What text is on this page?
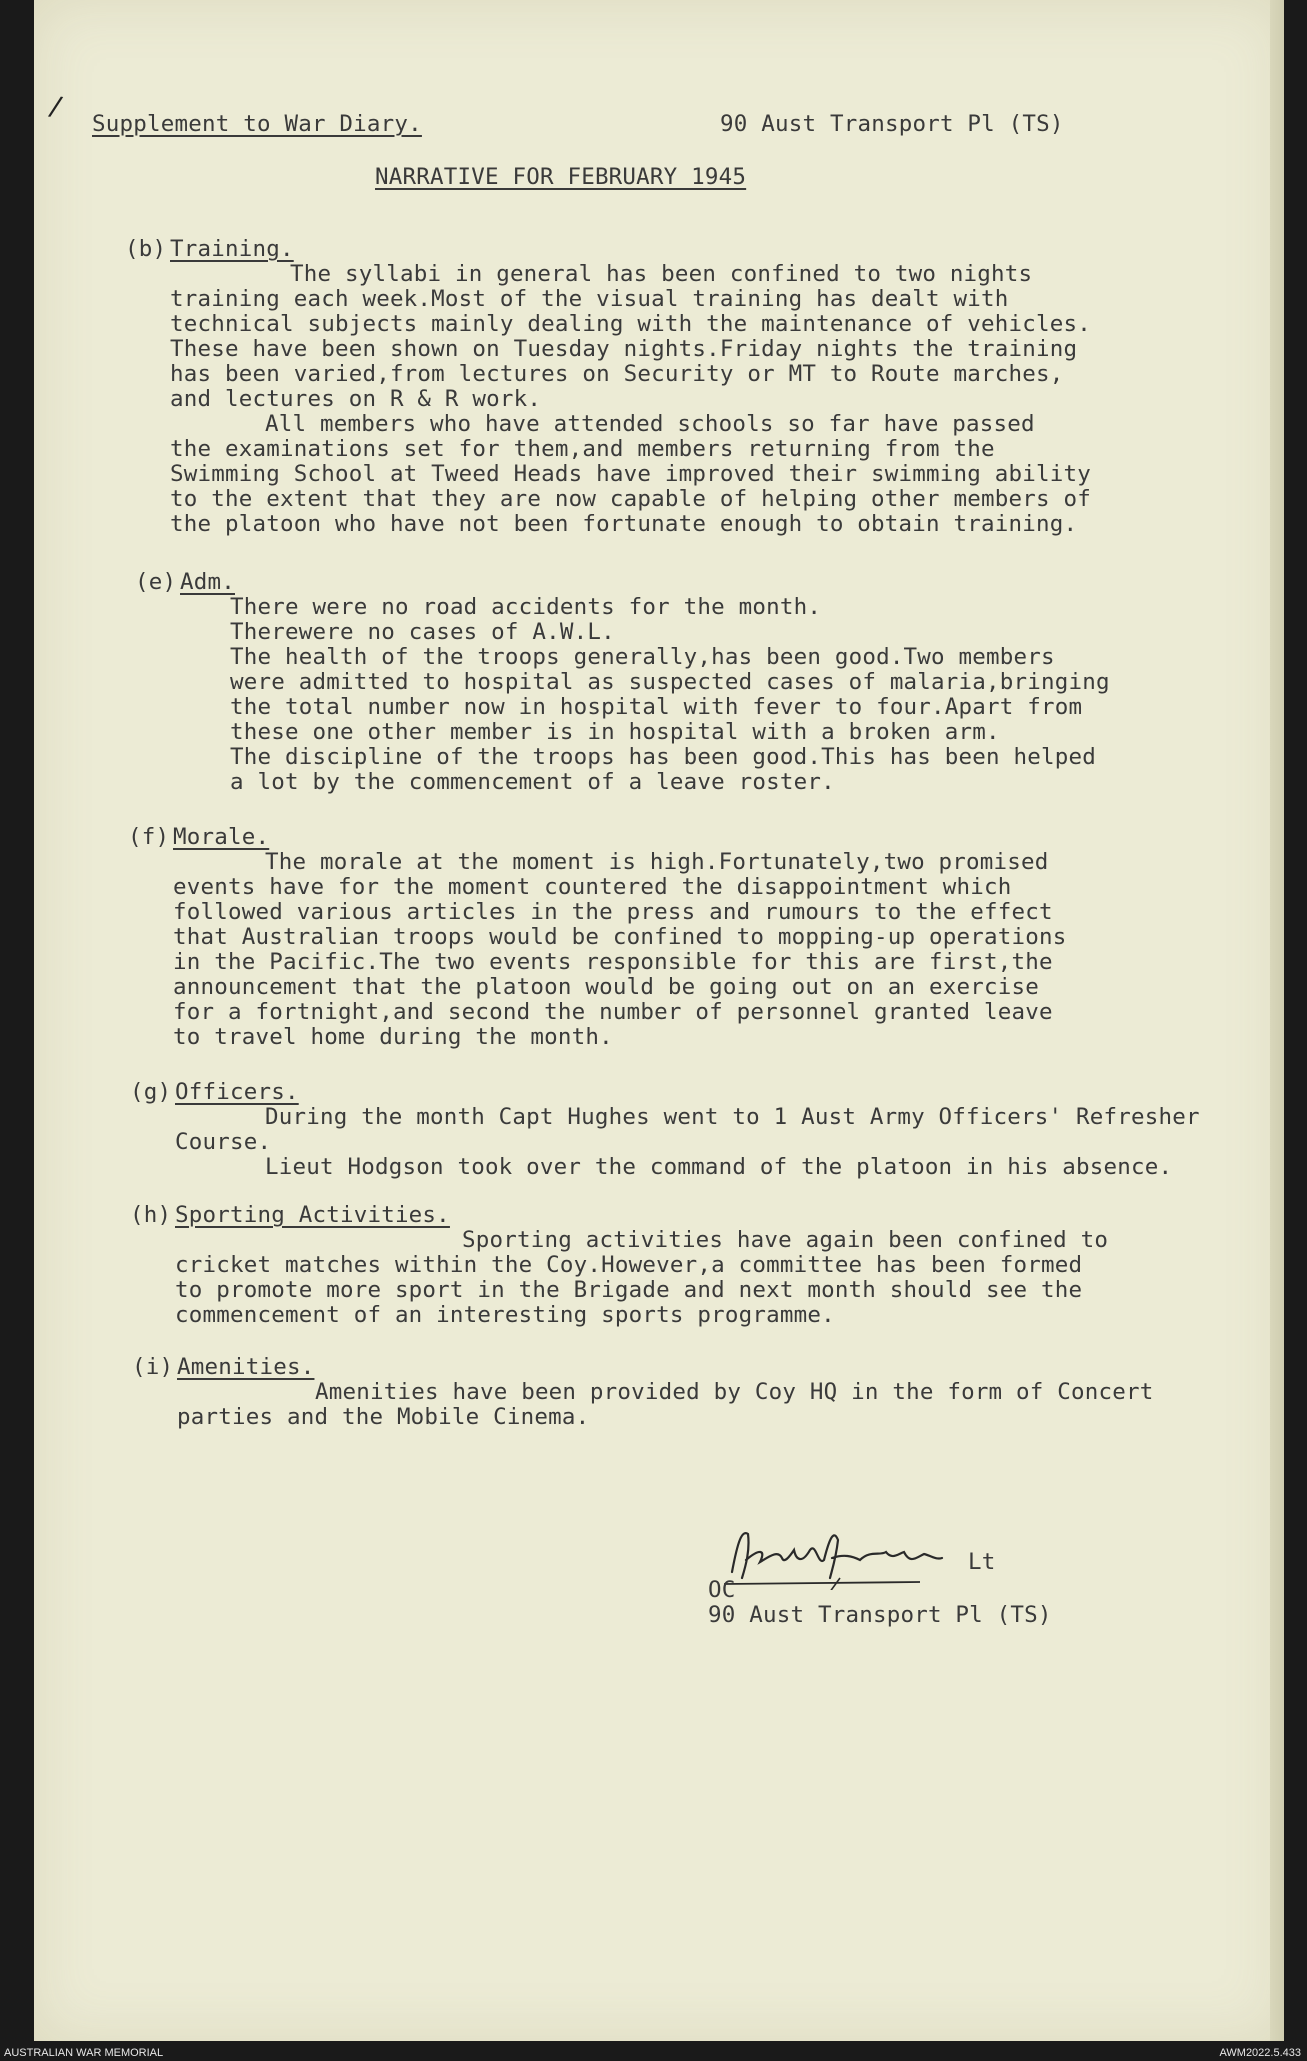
/
Supplement to War Diary.	90 Aust Transport Pl (TS)
NARRATIVE FOR FEBRUARY 1945
(b) Training.
The syllabi in general has been confined to two nights
training each week.Most of the visual training has dealt with
technical subjects mainly dealing with the maintenance of vehicles.
These have been shown on Tuesday nights.Friday nights the training
has been varied,from lectures on Security or MT to Route marches,
and lectures on R & R work.
All members who have attended schools so far have passed
the examinations set for them,and members returning from the
Swimming School at Tweed Heads have improved their swimming ability
to the extent that they are now capable of helping other members of
the platoon who have not been fortunate enough to obtain training.
(e) Adm.
There were no road accidents for the month.
Therewere no cases of A.W.L.
The health of the troops generally,has been good.Two members
were admitted to hospital as suspected cases of malaria,bringing
the total number now in hospital with fever to four.Apart from
these one other member is in hospital with a broken arm.
The discipline of the troops has been good.This has been helped
a lot by the commencement of a leave roster.
(f) Morale.
The morale at the moment is high.Fortunately,two promised
events have for the moment countered the disappointment which
followed various articles in the press and rumours to the effect
that Australian troops would be confined to mopping-up operations
in the Pacific.The two events responsible for this are first,the
announcement that the platoon would be going out on an exercise
for a fortnight,and second the number of personnel granted leave
to travel home during the month.
(g) Officers.
During the month Capt Hughes went to 1 Aust Army Officers' Refresher
Course.
Lieut Hodgson took over the command of the platoon in his absence.
(h) Sporting Activities.
Sporting activities have again been confined to
cricket matches within the Coy.However,a committee has been formed
to promote more sport in the Brigade and next month should see the
commencement of an interesting sports programme.
(i) Amenities.
Amenities have been provided by Coy HQ in the form of Concert
parties and the Mobile Cinema.
Lt
OC
90 Aust Transport Pl (TS)
AUSTRALIAN WAR MEMORIAL	AWM2022.5.433
